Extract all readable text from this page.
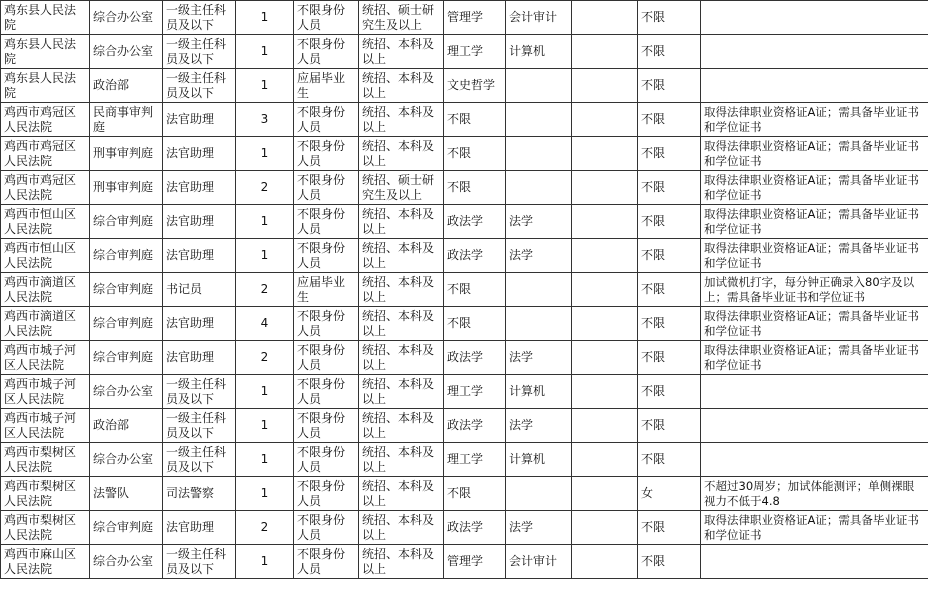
鸡东县人民法院	综合办公室	一级主任科员及以下	1	不限身份人员	统招、硕士研究生及以上	管理学	会计审计		不限	
鸡东县人民法院	综合办公室	一级主任科员及以下	1	不限身份人员	统招、本科及以上	理工学	计算机		不限	
鸡东县人民法院	政治部	一级主任科员及以下	1	应届毕业生	统招、本科及以上	文史哲学			不限	
鸡西市鸡冠区人民法院	民商事审判庭	法官助理	3	不限身份人员	统招、本科及以上	不限			不限	取得法律职业资格证A证；需具备毕业证书和学位证书
鸡西市鸡冠区人民法院	刑事审判庭	法官助理	1	不限身份人员	统招、本科及以上	不限			不限	取得法律职业资格证A证；需具备毕业证书和学位证书
鸡西市鸡冠区人民法院	刑事审判庭	法官助理	2	不限身份人员	统招、硕士研究生及以上	不限			不限	取得法律职业资格证A证；需具备毕业证书和学位证书
鸡西市恒山区人民法院	综合审判庭	法官助理	1	不限身份人员	统招、本科及以上	政法学	法学		不限	取得法律职业资格证A证；需具备毕业证书和学位证书
鸡西市恒山区人民法院	综合审判庭	法官助理	1	不限身份人员	统招、本科及以上	政法学	法学		不限	取得法律职业资格证A证；需具备毕业证书和学位证书
鸡西市滴道区人民法院	综合审判庭	书记员	2	应届毕业生	统招、本科及以上	不限			不限	加试微机打字，每分钟正确录入80字及以上；需具备毕业证书和学位证书
鸡西市滴道区人民法院	综合审判庭	法官助理	4	不限身份人员	统招、本科及以上	不限			不限	取得法律职业资格证A证；需具备毕业证书和学位证书
鸡西市城子河区人民法院	综合审判庭	法官助理	2	不限身份人员	统招、本科及以上	政法学	法学		不限	取得法律职业资格证A证；需具备毕业证书和学位证书
鸡西市城子河区人民法院	综合办公室	一级主任科员及以下	1	不限身份人员	统招、本科及以上	理工学	计算机		不限	
鸡西市城子河区人民法院	政治部	一级主任科员及以下	1	不限身份人员	统招、本科及以上	政法学	法学		不限	
鸡西市梨树区人民法院	综合办公室	一级主任科员及以下	1	不限身份人员	统招、本科及以上	理工学	计算机		不限	
鸡西市梨树区人民法院	法警队	司法警察	1	不限身份人员	统招、本科及以上	不限			女	不超过30周岁；加试体能测评；单侧裸眼视力不低于4.8
鸡西市梨树区人民法院	综合审判庭	法官助理	2	不限身份人员	统招、本科及以上	政法学	法学		不限	取得法律职业资格证A证；需具备毕业证书和学位证书
鸡西市麻山区人民法院	综合办公室	一级主任科员及以下	1	不限身份人员	统招、本科及以上	管理学	会计审计		不限	
